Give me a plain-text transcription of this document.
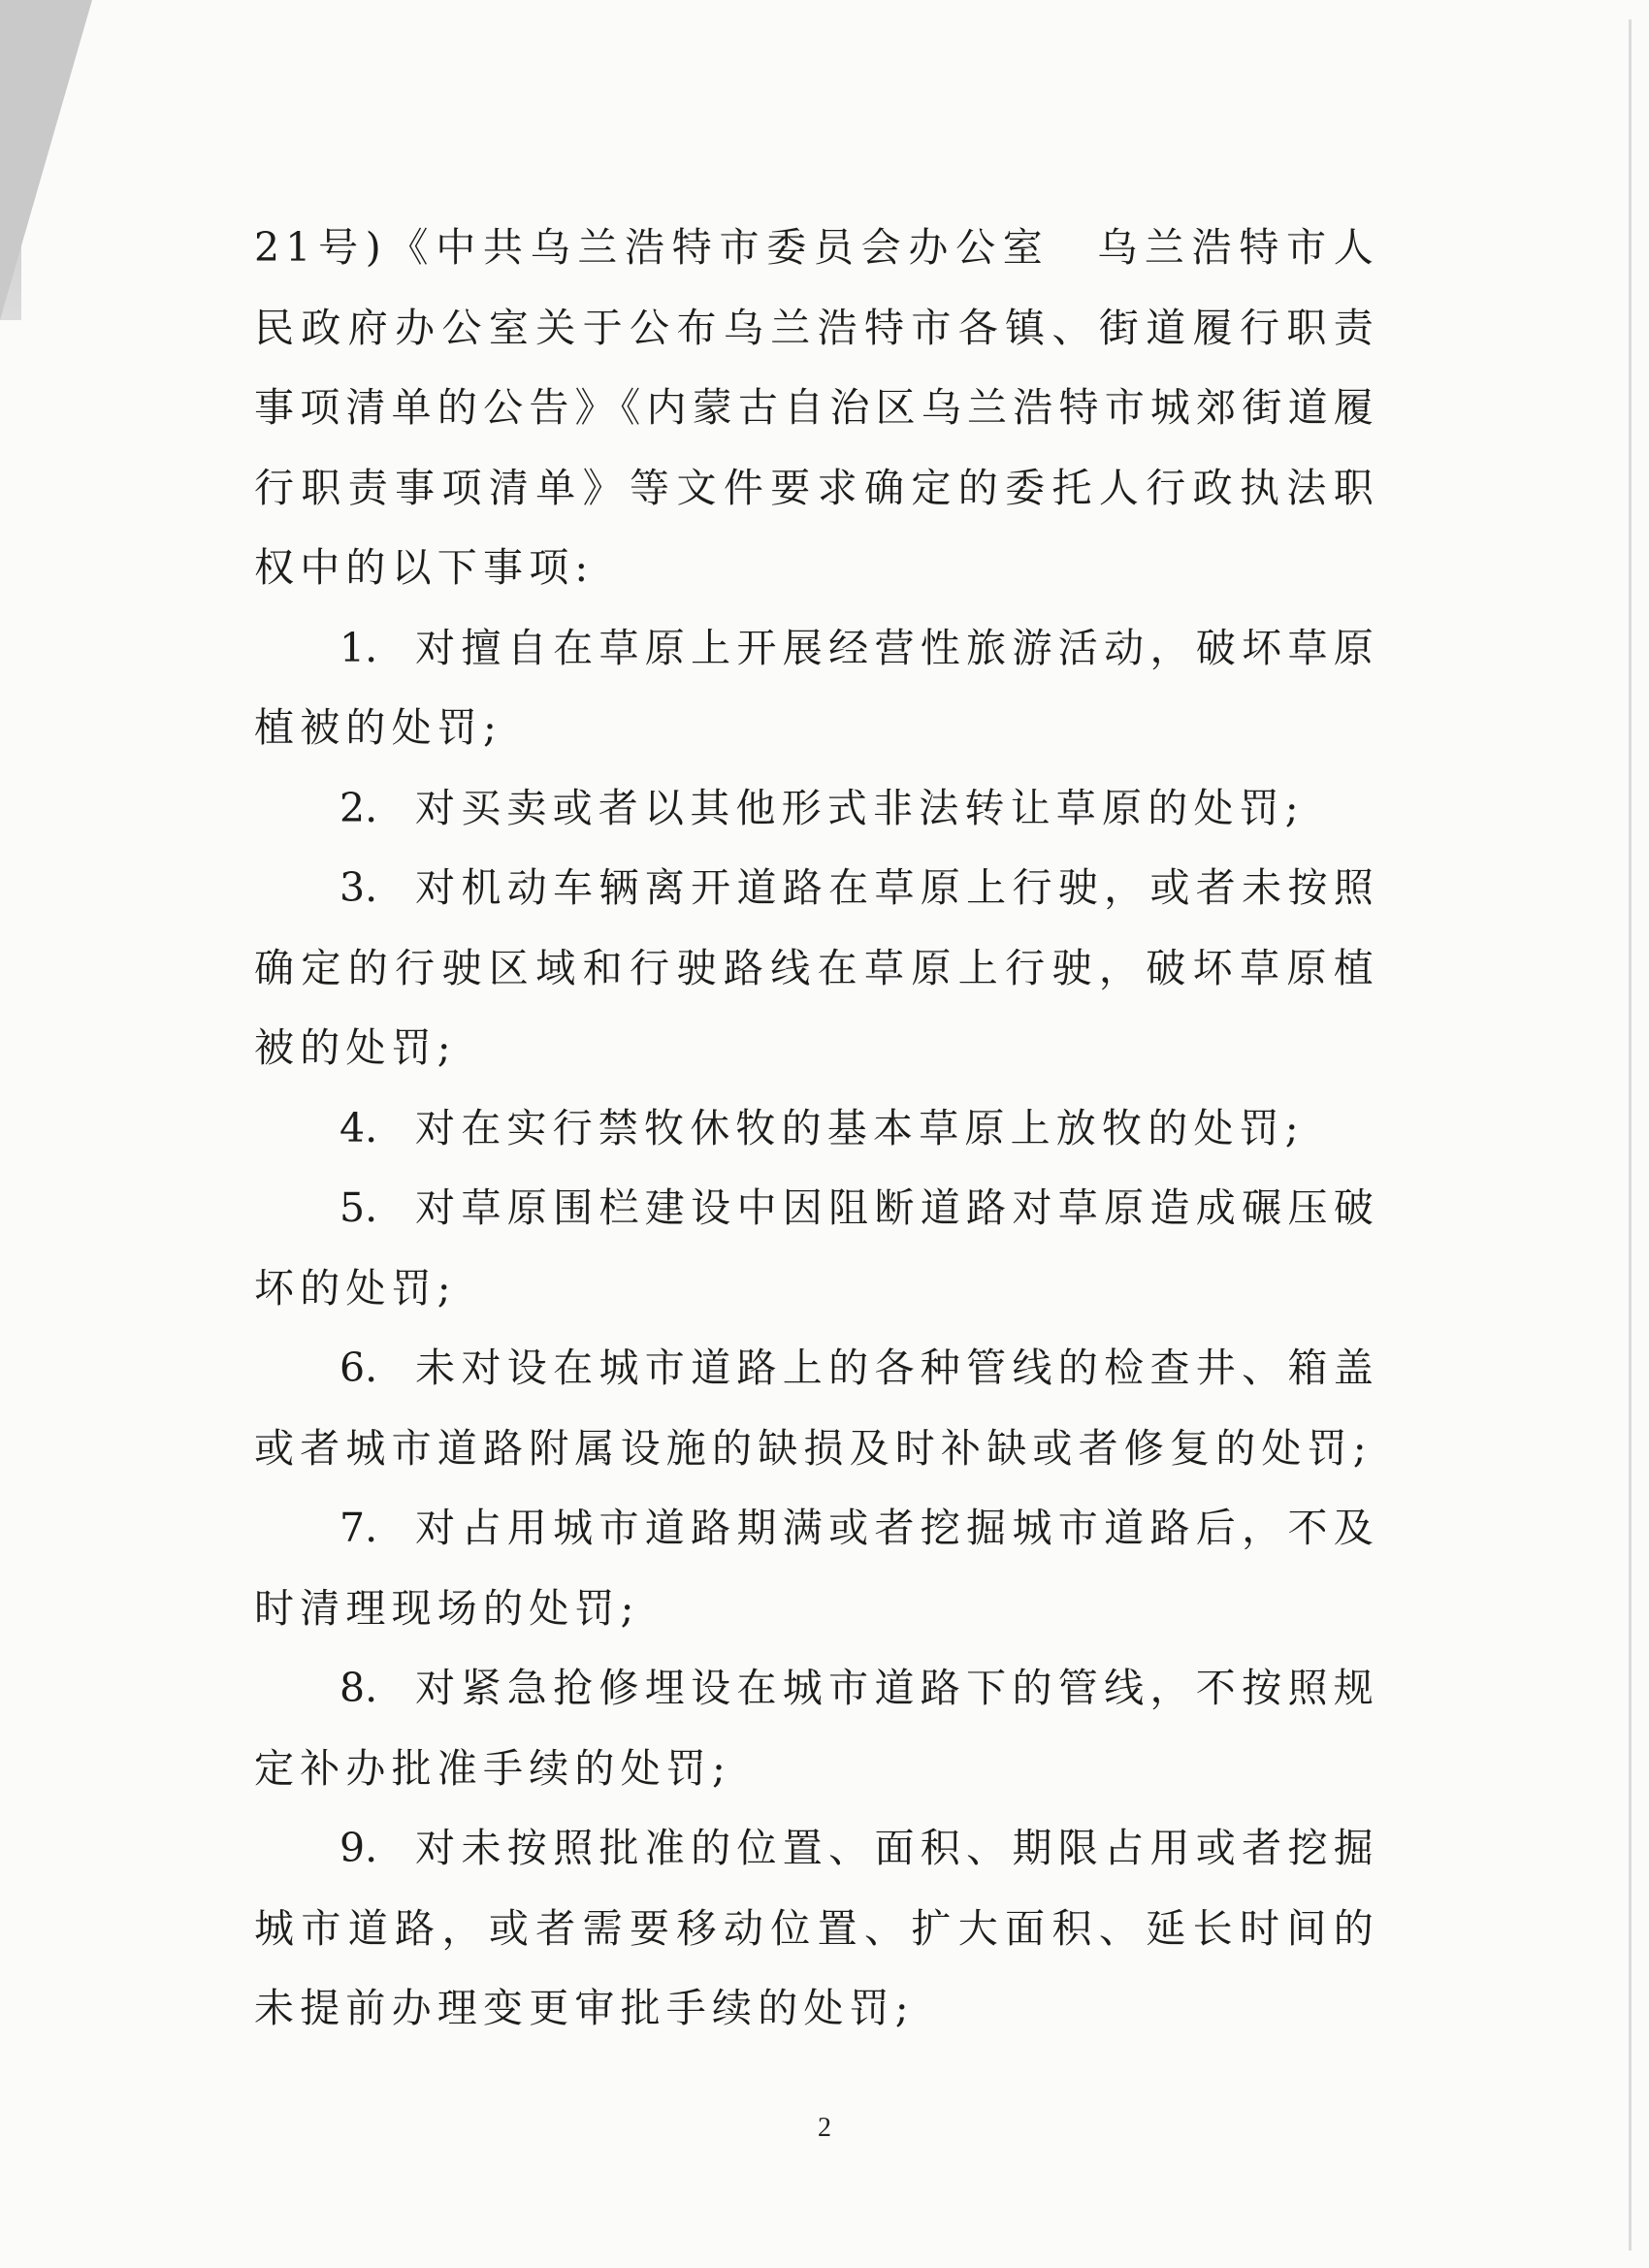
21号)《中共乌兰浩特市委员会办公室　乌兰浩特市人民政府办公室关于公布乌兰浩特市各镇、街道履行职责事项清单的公告》《内蒙古自治区乌兰浩特市城郊街道履行职责事项清单》等文件要求确定的委托人行政执法职权中的以下事项:

1. 对擅自在草原上开展经营性旅游活动，破坏草原植被的处罚;

2. 对买卖或者以其他形式非法转让草原的处罚;

3. 对机动车辆离开道路在草原上行驶，或者未按照确定的行驶区域和行驶路线在草原上行驶，破坏草原植被的处罚;

4. 对在实行禁牧休牧的基本草原上放牧的处罚;

5. 对草原围栏建设中因阻断道路对草原造成碾压破坏的处罚;

6. 未对设在城市道路上的各种管线的检查井、箱盖或者城市道路附属设施的缺损及时补缺或者修复的处罚;

7. 对占用城市道路期满或者挖掘城市道路后，不及时清理现场的处罚;

8. 对紧急抢修埋设在城市道路下的管线，不按照规定补办批准手续的处罚;

9. 对未按照批准的位置、面积、期限占用或者挖掘城市道路，或者需要移动位置、扩大面积、延长时间的未提前办理变更审批手续的处罚;

2
